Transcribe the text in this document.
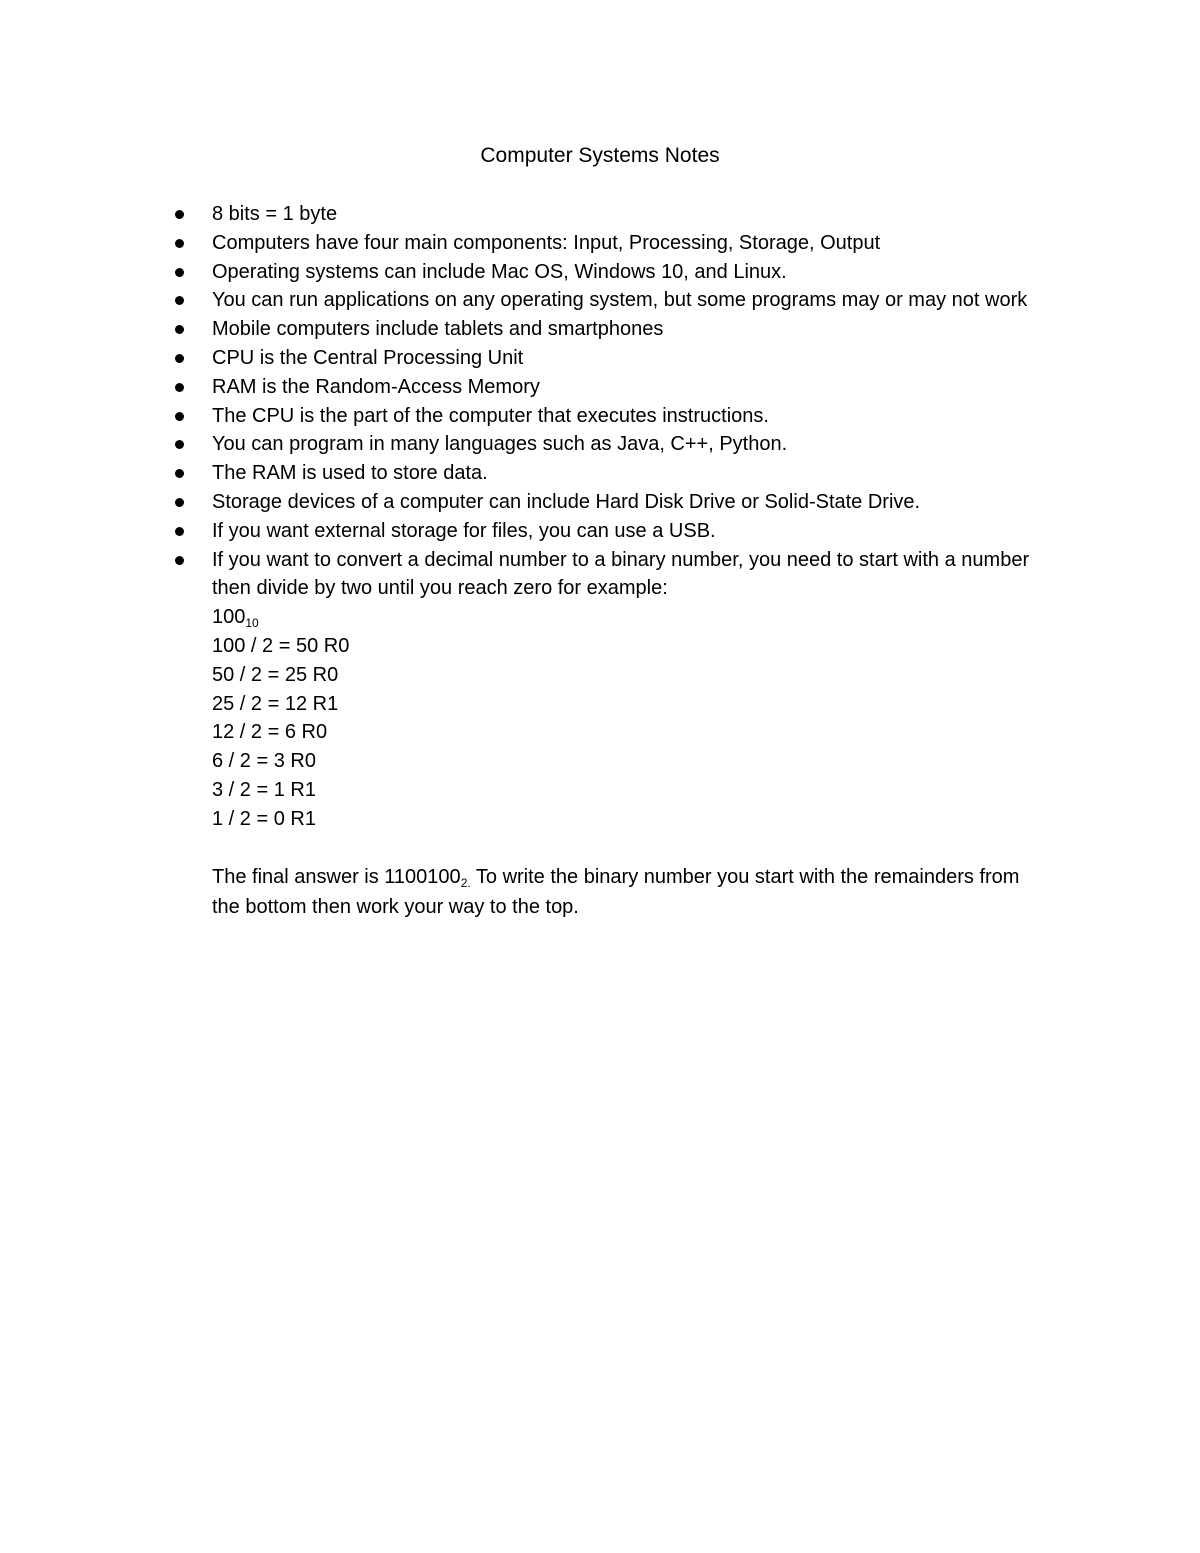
Computer Systems Notes
8 bits = 1 byte
Computers have four main components: Input, Processing, Storage, Output
Operating systems can include Mac OS, Windows 10, and Linux.
You can run applications on any operating system, but some programs may or may not work
Mobile computers include tablets and smartphones
CPU is the Central Processing Unit
RAM is the Random-Access Memory
The CPU is the part of the computer that executes instructions.
You can program in many languages such as Java, C++, Python.
The RAM is used to store data.
Storage devices of a computer can include Hard Disk Drive or Solid-State Drive.
If you want external storage for files, you can use a USB.
If you want to convert a decimal number to a binary number, you need to start with a number then divide by two until you reach zero for example:
$100_{10}$
100 / 2 = 50 R0
50 / 2 = 25 R0
25 / 2 = 12 R1
12 / 2 = 6 R0
6 / 2 = 3 R0
3 / 2 = 1 R1
1 / 2 = 0 R1
The final answer is $1100100_{2.}$ To write the binary number you start with the remainders from the bottom then work your way to the top.
